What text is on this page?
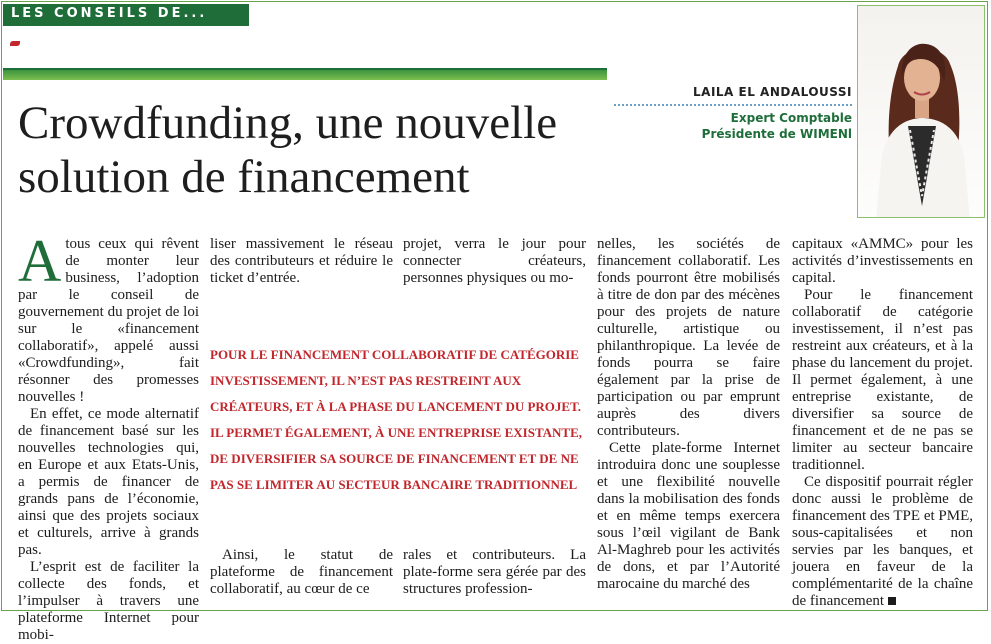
LES CONSEILS DE...
Crowdfunding, une nouvelle
solution de financement
LAILA EL ANDALOUSSI
Expert Comptable
Présidente de WIMENl

Atous ceux qui rêvent de monter leur business, l’adoption par le conseil de gouvernement du projet de loi sur le «financement collaboratif», appelé aussi «Crowdfunding», fait résonner des promesses nouvelles !

En effet, ce mode alternatif de financement basé sur les nouvelles technologies qui, en Europe et aux Etats-Unis, a permis de financer de grands pans de l’économie, ainsi que des projets sociaux et culturels, arrive à grands pas.

L’esprit est de faciliter la collecte des fonds, et l’impulser à travers une plateforme Internet pour mobi-

liser massivement le réseau des contributeurs et réduire le ticket d’entrée.

projet, verra le jour pour connecter créateurs, personnes physiques ou mo-

POUR LE FINANCEMENT COLLABORATIF DE CATÉGORIE
INVESTISSEMENT, IL N’EST PAS RESTREINT AUX
CRÉATEURS, ET À LA PHASE DU LANCEMENT DU PROJET.
IL PERMET ÉGALEMENT, À UNE ENTREPRISE EXISTANTE,
DE DIVERSIFIER SA SOURCE DE FINANCEMENT ET DE NE
PAS SE LIMITER AU SECTEUR BANCAIRE TRADITIONNEL

Ainsi, le statut de plateforme de financement collaboratif, au cœur de ce

rales et contributeurs. La plate-forme sera gérée par des structures profession-

nelles, les sociétés de financement collaboratif. Les fonds pourront être mobilisés à titre de don par des mécènes pour des projets de nature culturelle, artistique ou philanthropique. La levée de fonds pourra se faire également par la prise de participation ou par emprunt auprès des divers contributeurs.

Cette plate-forme Internet introduira donc une souplesse et une flexibilité nouvelle dans la mobilisation des fonds et en même temps exercera sous l’œil vigilant de Bank Al-Maghreb pour les activités de dons, et par l’Autorité marocaine du marché des

capitaux «AMMC» pour les activités d’investissements en capital.

Pour le financement collaboratif de catégorie investissement, il n’est pas restreint aux créateurs, et à la phase du lancement du projet. Il permet également, à une entreprise existante, de diversifier sa source de financement et de ne pas se limiter au secteur bancaire traditionnel.

Ce dispositif pourrait régler donc aussi le problème de financement des TPE et PME, sous-capitalisées et non servies par les banques, et jouera en faveur de la complémentarité de la chaîne de financement
